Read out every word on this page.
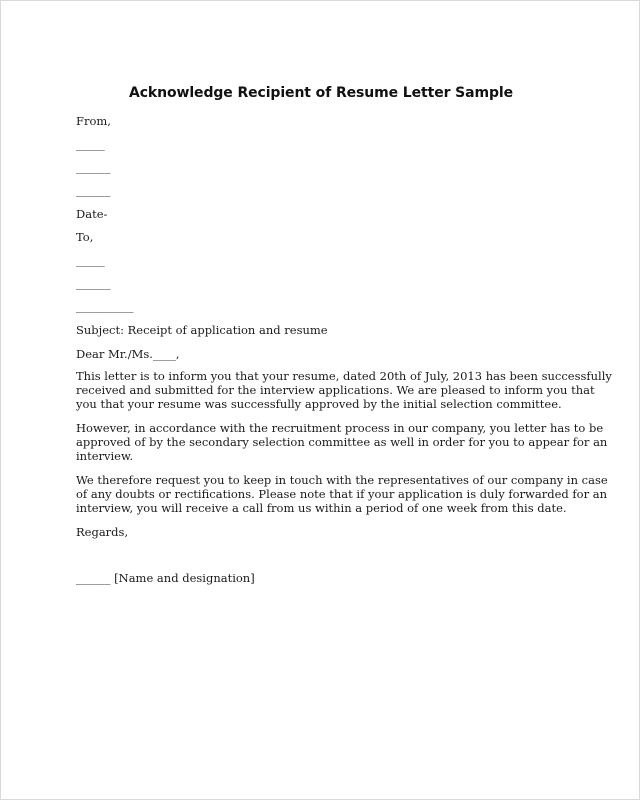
Acknowledge Recipient of Resume Letter Sample
From,
_____
______
______
Date-
To,
_____
______
__________
Subject: Receipt of application and resume
Dear Mr./Ms.____,
This letter is to inform you that your resume, dated 20th of July, 2013 has been successfully
received and submitted for the interview applications. We are pleased to inform you that
you that your resume was successfully approved by the initial selection committee.
However, in accordance with the recruitment process in our company, you letter has to be
approved of by the secondary selection committee as well in order for you to appear for an
interview.
We therefore request you to keep in touch with the representatives of our company in case
of any doubts or rectifications. Please note that if your application is duly forwarded for an
interview, you will receive a call from us within a period of one week from this date.
Regards,
______ [Name and designation]
